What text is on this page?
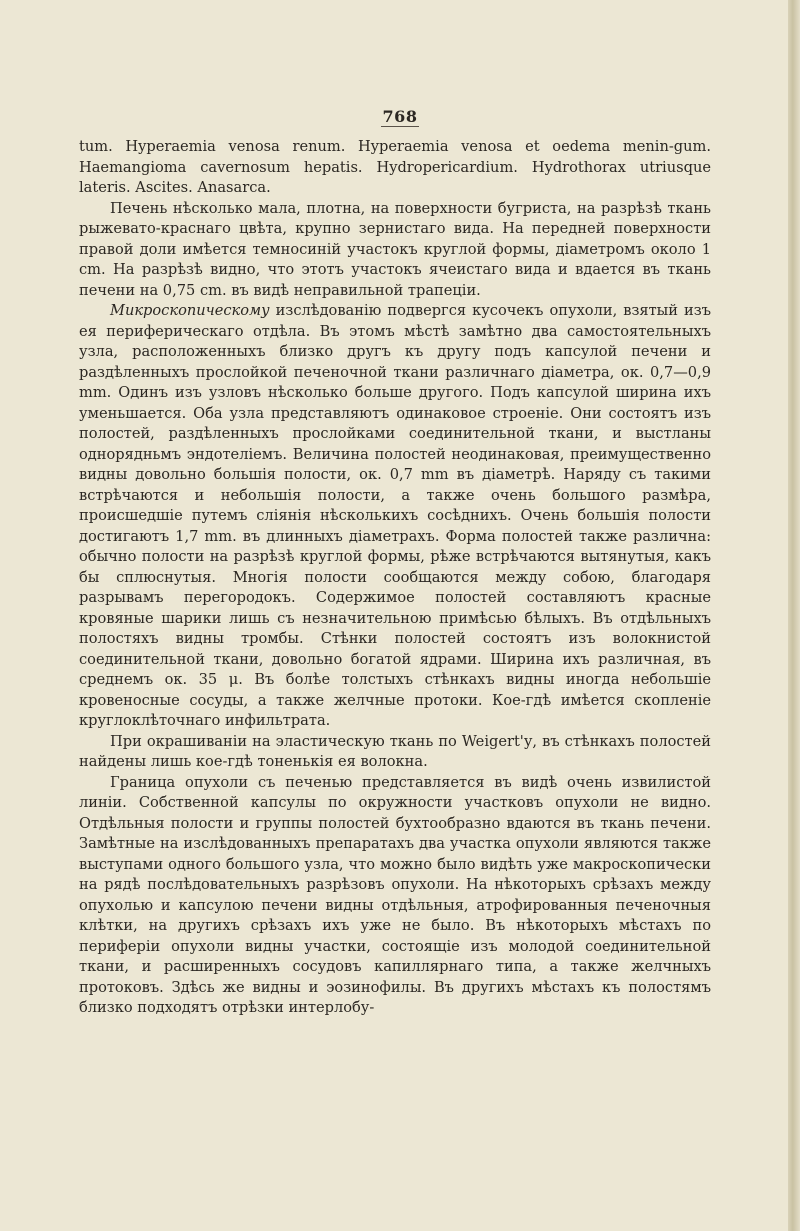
768

tum. Hyperaemia venosa renum. Hyperaemia venosa et oedema menin-gum. Haemangioma cavernosum hepatis. Hydropericardium. Hydrothorax utriusque lateris. Ascites. Anasarca.

Печень нѣсколько мала, плотна, на поверхности бугриста, на разрѣзѣ ткань рыжевато-краснаго цвѣта, крупно зернистаго вида. На передней поверхности правой доли имѣется темносиній участокъ круглой формы, діаметромъ около 1 cm. На разрѣзѣ видно, что этотъ участокъ ячеистаго вида и вдается въ ткань печени на 0,75 cm. въ видѣ неправильной трапеціи.

Микроскопическому изслѣдованію подвергся кусочекъ опухоли, взятый изъ ея периферическаго отдѣла. Въ этомъ мѣстѣ замѣтно два самостоятельныхъ узла, расположенныхъ близко другъ къ другу подъ капсулой печени и раздѣленныхъ прослойкой печеночной ткани различнаго діаметра, ок. 0,7—0,9 mm. Одинъ изъ узловъ нѣсколько больше другого. Подъ капсулой ширина ихъ уменьшается. Оба узла представляютъ одинаковое строеніе. Они состоятъ изъ полостей, раздѣленныхъ прослойками соединительной ткани, и выстланы однорядньмъ эндотеліемъ. Величина полостей неодинаковая, преимущественно видны довольно большія полости, ок. 0,7 mm въ діаметрѣ. Наряду съ такими встрѣчаются и небольшія полости, а также очень большого размѣра, происшедшіе путемъ сліянія нѣсколькихъ сосѣднихъ. Очень большія полости достигаютъ 1,7 mm. въ длинныхъ діаметрахъ. Форма полостей также различна: обычно полости на разрѣзѣ круглой формы, рѣже встрѣчаются вытянутыя, какъ бы сплюснутыя. Многія полости сообщаются между собою, благодаря разрывамъ перегородокъ. Содержимое полостей составляютъ красные кровяные шарики лишь съ незначительною примѣсью бѣлыхъ. Въ отдѣльныхъ полостяхъ видны тромбы. Стѣнки полостей состоятъ изъ волокнистой соединительной ткани, довольно богатой ядрами. Ширина ихъ различная, въ среднемъ ок. 35 μ. Въ болѣе толстыхъ стѣнкахъ видны иногда небольшіе кровеносные сосуды, а также желчные протоки. Кое-гдѣ имѣется скопленіе круглоклѣточнаго инфильтрата.

При окрашиваніи на эластическую ткань по Weigert'у, въ стѣнкахъ полостей найдены лишь кое-гдѣ тоненькія ея волокна.

Граница опухоли съ печенью представляется въ видѣ очень извилистой линіи. Собственной капсулы по окружности участковъ опухоли не видно. Отдѣльныя полости и группы полостей бухтообразно вдаются въ ткань печени. Замѣтные на изслѣдованныхъ препаратахъ два участка опухоли являются также выступами одного большого узла, что можно было видѣть уже макроскопически на рядѣ послѣдовательныхъ разрѣзовъ опухоли. На нѣкоторыхъ срѣзахъ между опухолью и капсулою печени видны отдѣльныя, атрофированныя печеночныя клѣтки, на другихъ срѣзахъ ихъ уже не было. Въ нѣкоторыхъ мѣстахъ по периферіи опухоли видны участки, состоящіе изъ молодой соединительной ткани, и расширенныхъ сосудовъ капиллярнаго типа, а также желчныхъ протоковъ. Здѣсь же видны и эозинофилы. Въ другихъ мѣстахъ къ полостямъ близко подходятъ отрѣзки интерлобу-
